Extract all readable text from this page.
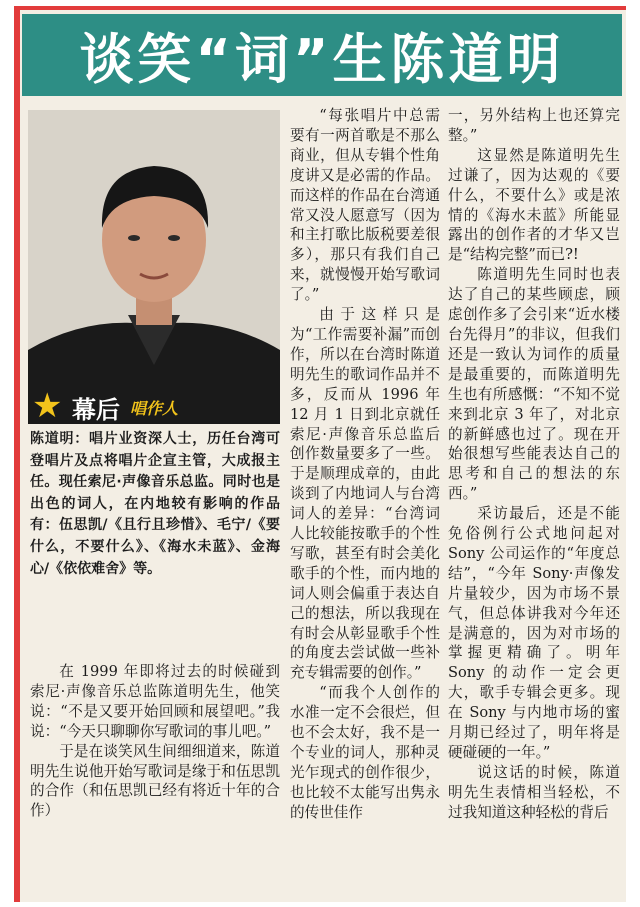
谈笑“词”生陈道明
★ 幕后 唱作人
陈道明：唱片业资深人士，历任台湾可登唱片及点将唱片企宣主管，大成报主任。现任索尼·声像音乐总监。同时也是出色的词人，在内地较有影响的作品有：伍思凯/《且行且珍惜》、毛宁/《要什么，不要什么》、《海水未蓝》、金海心/《依依难舍》等。

在 1999 年即将过去的时候碰到索尼·声像音乐总监陈道明先生，他笑说：“不是又要开始回顾和展望吧。”我说：“今天只聊聊你写歌词的事儿吧。”

于是在谈笑风生间细细道来，陈道明先生说他开始写歌词是缘于和伍思凯的合作（和伍思凯已经有将近十年的合作）

“每张唱片中总需要有一两首歌是不那么商业，但从专辑个性角度讲又是必需的作品。而这样的作品在台湾通常又没人愿意写（因为和主打歌比版税要差很多），那只有我们自己来，就慢慢开始写歌词了。”

由于这样只是为“工作需要补漏”而创作，所以在台湾时陈道明先生的歌词作品并不多，反而从 1996 年 12 月 1 日到北京就任索尼·声像音乐总监后创作数量要多了一些。于是顺理成章的，由此谈到了内地词人与台湾词人的差异：“台湾词人比较能按歌手的个性写歌，甚至有时会美化歌手的个性，而内地的词人则会偏重于表达自己的想法，所以我现在有时会从彰显歌手个性的角度去尝试做一些补充专辑需要的创作。”

“而我个人创作的水准一定不会很烂，但也不会太好，我不是一个专业的词人，那种灵光乍现式的创作很少，也比较不太能写出隽永的传世佳作

一，另外结构上也还算完整。”

这显然是陈道明先生过谦了，因为达观的《要什么，不要什么》或是浓情的《海水未蓝》所能显露出的创作者的才华又岂是“结构完整”而已?!

陈道明先生同时也表达了自己的某些顾虑，顾虑创作多了会引来“近水楼台先得月”的非议，但我们还是一致认为词作的质量是最重要的，而陈道明先生也有所感慨：“不知不觉来到北京 3 年了，对北京的新鲜感也过了。现在开始很想写些能表达自己的思考和自己的想法的东西。”

采访最后，还是不能免俗例行公式地问起对 Sony 公司运作的“年度总结”，“今年 Sony·声像发片量较少，因为市场不景气，但总体讲我对今年还是满意的，因为对市场的掌握更精确了。明年 Sony 的动作一定会更大，歌手专辑会更多。现在 Sony 与内地市场的蜜月期已经过了，明年将是硬碰硬的一年。”

说这话的时候，陈道明先生表情相当轻松，不过我知道这种轻松的背后
